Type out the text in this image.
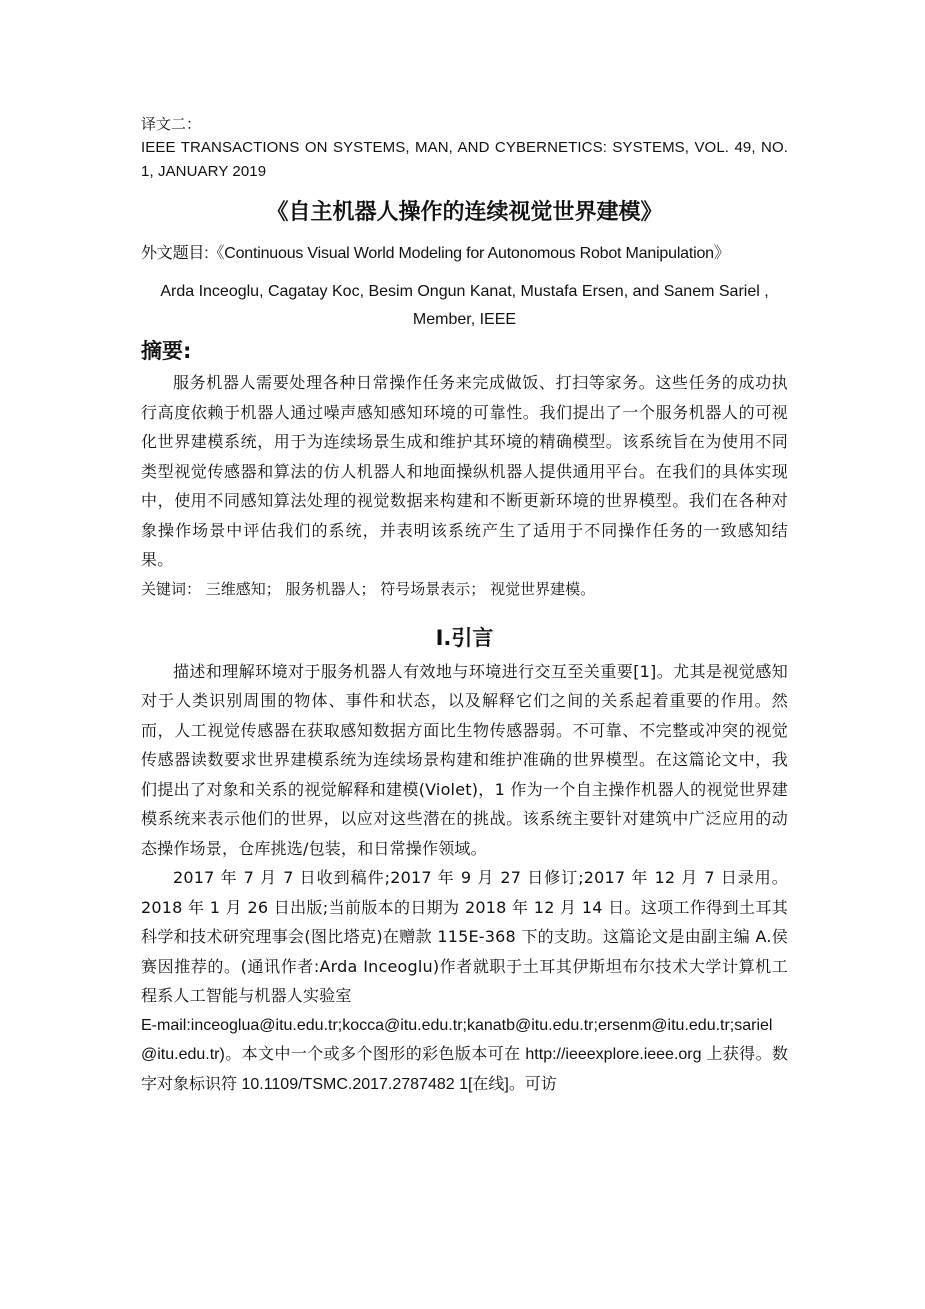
译文二：

IEEE TRANSACTIONS ON SYSTEMS, MAN, AND CYBERNETICS: SYSTEMS, VOL. 49, NO. 1, JANUARY 2019

《自主机器人操作的连续视觉世界建模》

外文题目:《Continuous Visual World Modeling for Autonomous Robot Manipulation》

Arda Inceoglu, Cagatay Koc, Besim Ongun Kanat, Mustafa Ersen, and Sanem Sariel ,
Member, IEEE
摘要:

服务机器人需要处理各种日常操作任务来完成做饭、打扫等家务。这些任务的成功执行高度依赖于机器人通过噪声感知感知环境的可靠性。我们提出了一个服务机器人的可视化世界建模系统，用于为连续场景生成和维护其环境的精确模型。该系统旨在为使用不同类型视觉传感器和算法的仿人机器人和地面操纵机器人提供通用平台。在我们的具体实现中，使用不同感知算法处理的视觉数据来构建和不断更新环境的世界模型。我们在各种对象操作场景中评估我们的系统，并表明该系统产生了适用于不同操作任务的一致感知结果。

关键词： 三维感知； 服务机器人； 符号场景表示； 视觉世界建模。

Ⅰ.引言

描述和理解环境对于服务机器人有效地与环境进行交互至关重要[1]。尤其是视觉感知对于人类识别周围的物体、事件和状态，以及解释它们之间的关系起着重要的作用。然而，人工视觉传感器在获取感知数据方面比生物传感器弱。不可靠、不完整或冲突的视觉传感器读数要求世界建模系统为连续场景构建和维护准确的世界模型。在这篇论文中，我们提出了对象和关系的视觉解释和建模(Violet)，1 作为一个自主操作机器人的视觉世界建模系统来表示他们的世界，以应对这些潜在的挑战。该系统主要针对建筑中广泛应用的动态操作场景，仓库挑选/包装，和日常操作领域。

2017 年 7 月 7 日收到稿件;2017 年 9 月 27 日修订;2017 年 12 月 7 日录用。2018 年 1 月 26 日出版;当前版本的日期为 2018 年 12 月 14 日。这项工作得到土耳其科学和技术研究理事会(图比塔克)在赠款 115E-368 下的支助。这篇论文是由副主编 A.侯赛因推荐的。(通讯作者:Arda Inceoglu)作者就职于土耳其伊斯坦布尔技术大学计算机工程系人工智能与机器人实验室

E-mail:inceoglua@itu.edu.tr;kocca@itu.edu.tr;kanatb@itu.edu.tr;ersenm@itu.edu.tr;sariel@itu.edu.tr)。本文中一个或多个图形的彩色版本可在 http://ieeexplore.ieee.org 上获得。数字对象标识符 10.1109/TSMC.2017.2787482 1[在线]。可访
